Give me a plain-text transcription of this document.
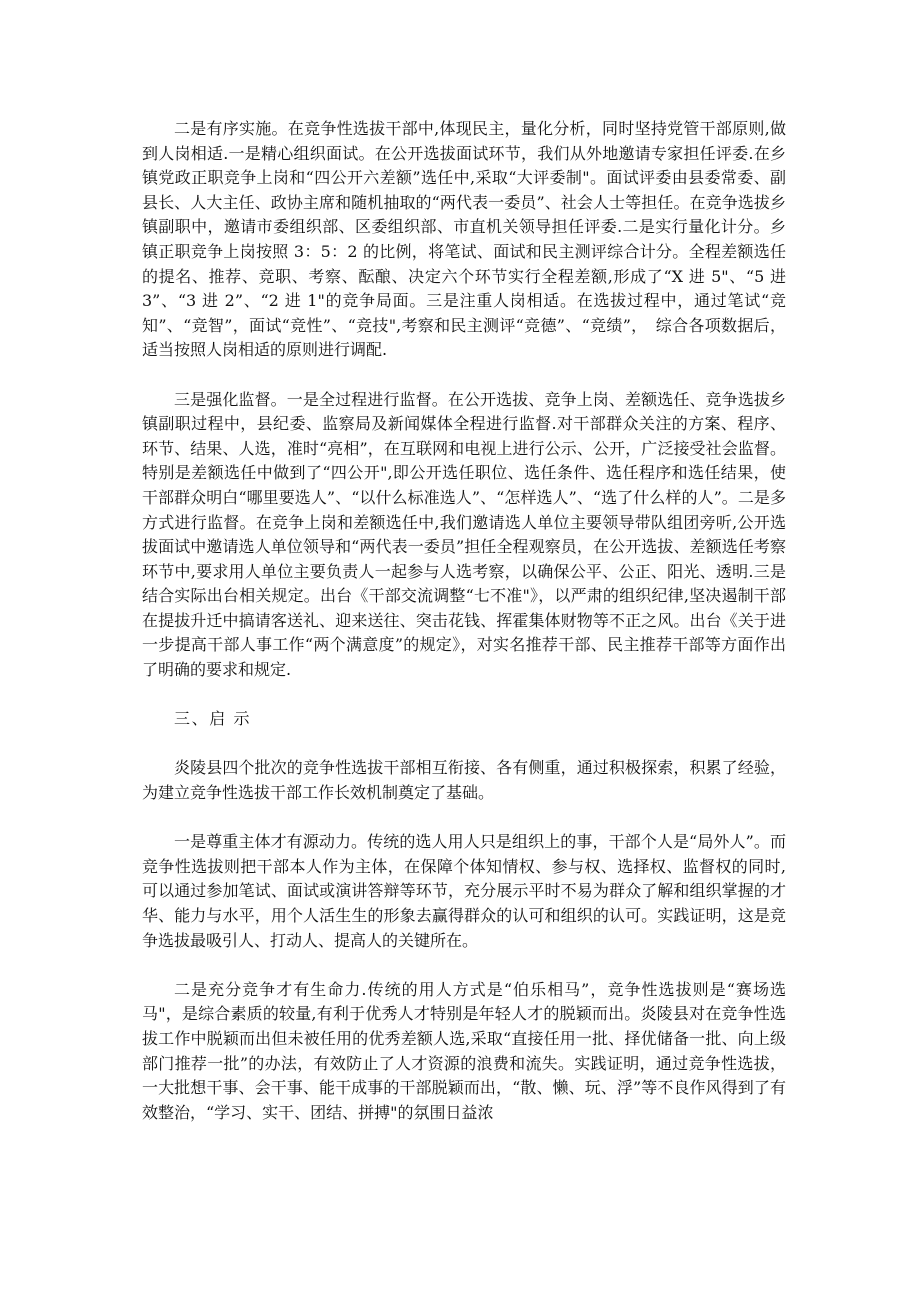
二是有序实施。在竞争性选拔干部中,体现民主，量化分析，同时坚持党管干部原则,做到人岗相适.一是精心组织面试。在公开选拔面试环节，我们从外地邀请专家担任评委.在乡镇党政正职竞争上岗和“四公开六差额”选任中,采取“大评委制"。面试评委由县委常委、副县长、人大主任、政协主席和随机抽取的“两代表一委员”、社会人士等担任。在竞争选拔乡镇副职中，邀请市委组织部、区委组织部、市直机关领导担任评委.二是实行量化计分。乡镇正职竞争上岗按照 3：5：2 的比例，将笔试、面试和民主测评综合计分。全程差额选任的提名、推荐、竞职、考察、酝酿、决定六个环节实行全程差额,形成了“X 进 5"、“5 进 3”、“3 进 2”、“2 进 1"的竞争局面。三是注重人岗相适。在选拔过程中，通过笔试“竞知”、“竞智”，面试“竞性”、“竞技",考察和民主测评“竞德”、“竞绩”，　综合各项数据后，适当按照人岗相适的原则进行调配.

三是强化监督。一是全过程进行监督。在公开选拔、竞争上岗、差额选任、竞争选拔乡镇副职过程中，县纪委、监察局及新闻媒体全程进行监督.对干部群众关注的方案、程序、环节、结果、人选，准时“亮相”，在互联网和电视上进行公示、公开，广泛接受社会监督。特别是差额选任中做到了“四公开",即公开选任职位、选任条件、选任程序和选任结果，使干部群众明白“哪里要选人”、“以什么标准选人”、“怎样选人”、“选了什么样的人”。二是多方式进行监督。在竞争上岗和差额选任中,我们邀请选人单位主要领导带队组团旁听,公开选拔面试中邀请选人单位领导和“两代表一委员”担任全程观察员，在公开选拔、差额选任考察环节中,要求用人单位主要负责人一起参与人选考察，以确保公平、公正、阳光、透明.三是结合实际出台相关规定。出台《干部交流调整“七不准"》，以严肃的组织纪律,坚决遏制干部在提拔升迁中搞请客送礼、迎来送往、突击花钱、挥霍集体财物等不正之风。出台《关于进一步提高干部人事工作“两个满意度”的规定》，对实名推荐干部、民主推荐干部等方面作出了明确的要求和规定.

三、启 示

炎陵县四个批次的竞争性选拔干部相互衔接、各有侧重，通过积极探索，积累了经验，为建立竞争性选拔干部工作长效机制奠定了基础。

一是尊重主体才有源动力。传统的选人用人只是组织上的事，干部个人是“局外人”。而竞争性选拔则把干部本人作为主体，在保障个体知情权、参与权、选择权、监督权的同时,可以通过参加笔试、面试或演讲答辩等环节，充分展示平时不易为群众了解和组织掌握的才华、能力与水平，用个人活生生的形象去赢得群众的认可和组织的认可。实践证明，这是竞争选拔最吸引人、打动人、提高人的关键所在。

二是充分竞争才有生命力.传统的用人方式是“伯乐相马”，竞争性选拔则是“赛场选马"，是综合素质的较量,有利于优秀人才特别是年轻人才的脱颖而出。炎陵县对在竞争性选拔工作中脱颖而出但未被任用的优秀差额人选,采取“直接任用一批、择优储备一批、向上级部门推荐一批”的办法，有效防止了人才资源的浪费和流失。实践证明，通过竞争性选拔，一大批想干事、会干事、能干成事的干部脱颖而出，“散、懒、玩、浮”等不良作风得到了有效整治，“学习、实干、团结、拼搏"的氛围日益浓
